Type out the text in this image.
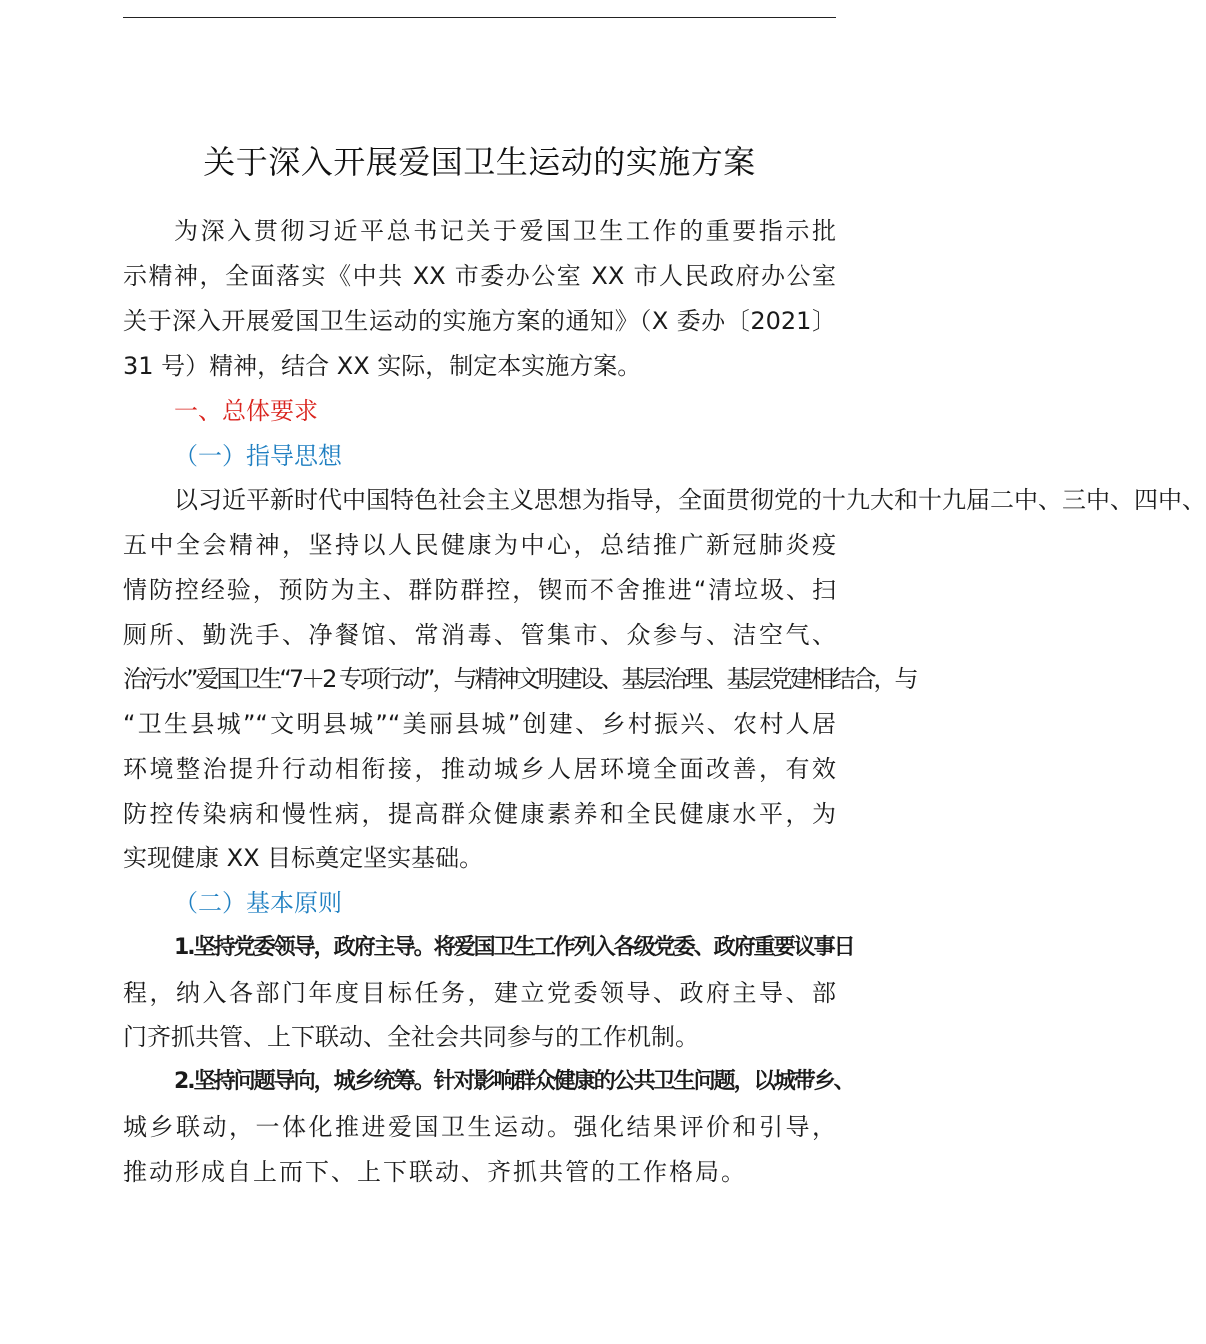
关于深入开展爱国卫生运动的实施方案
为深入贯彻习近平总书记关于爱国卫生工作的重要指示批
示精神，全面落实《中共 XX 市委办公室 XX 市人民政府办公室
关于深入开展爱国卫生运动的实施方案的通知》（X 委办〔2021〕
31 号）精神，结合 XX 实际，制定本实施方案。
一、总体要求
（一）指导思想
以习近平新时代中国特色社会主义思想为指导，全面贯彻党的十九大和十九届二中、三中、四中、
五中全会精神，坚持以人民健康为中心，总结推广新冠肺炎疫
情防控经验，预防为主、群防群控，锲而不舍推进“清垃圾、扫
厕所、勤洗手、净餐馆、常消毒、管集市、众参与、洁空气、
治污水”爱国卫生“7＋2 专项行动”，与精神文明建设、基层治理、基层党建相结合，与
“卫生县城”“文明县城”“美丽县城”创建、乡村振兴、农村人居
环境整治提升行动相衔接，推动城乡人居环境全面改善，有效
防控传染病和慢性病，提高群众健康素养和全民健康水平，为
实现健康 XX 目标奠定坚实基础。
（二）基本原则
1.坚持党委领导，政府主导。将爱国卫生工作列入各级党委、政府重要议事日
程，纳入各部门年度目标任务，建立党委领导、政府主导、部
门齐抓共管、上下联动、全社会共同参与的工作机制。
2.坚持问题导向，城乡统筹。针对影响群众健康的公共卫生问题，以城带乡、
城乡联动，一体化推进爱国卫生运动。强化结果评价和引导，
推动形成自上而下、上下联动、齐抓共管的工作格局。
